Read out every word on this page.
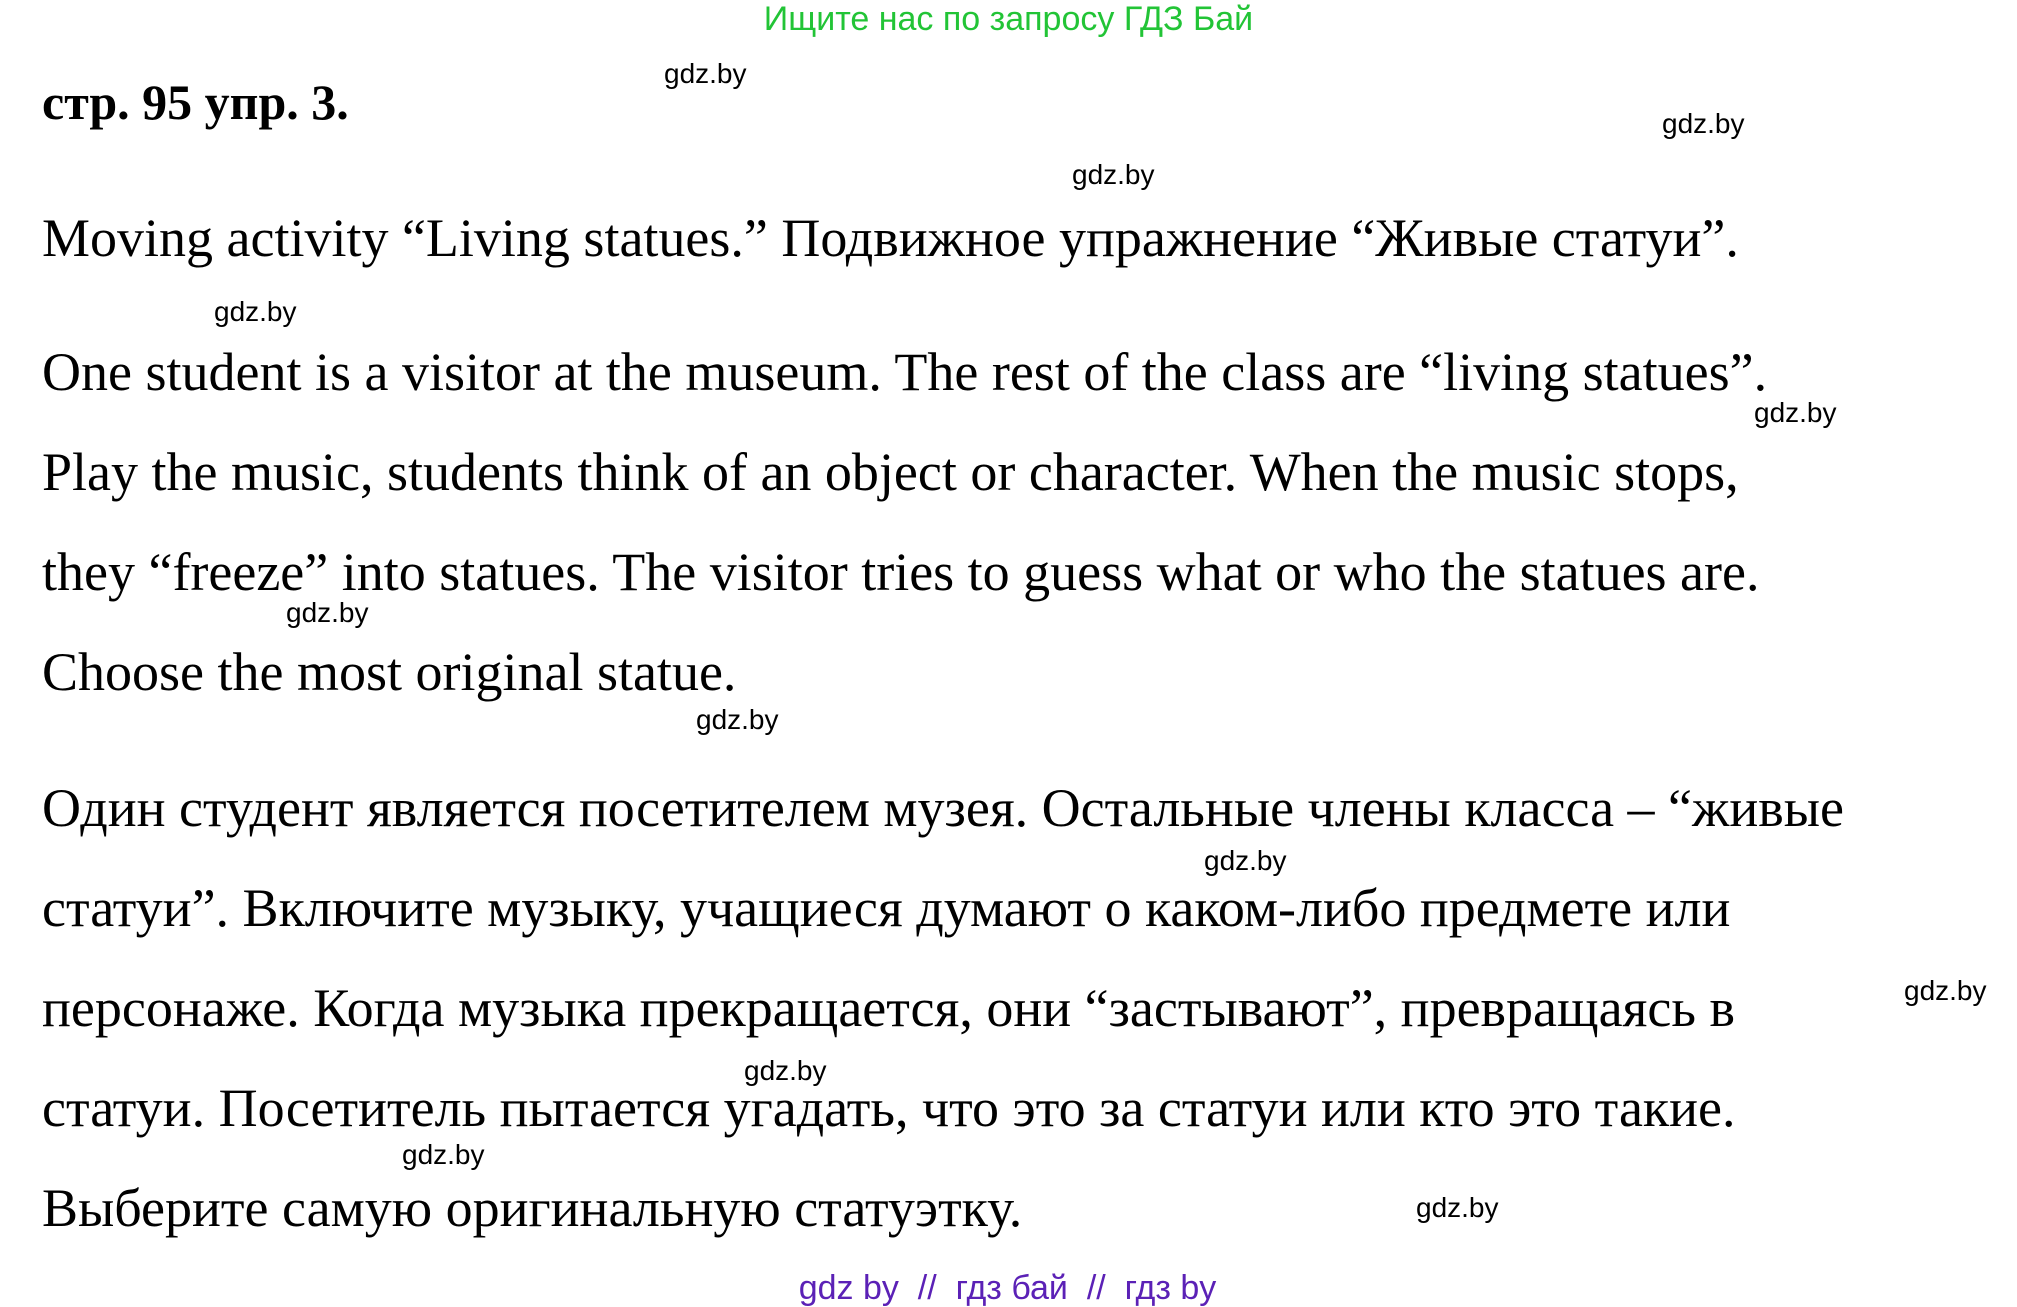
Ищите нас по запросу ГДЗ Бай
стр. 95 упр. 3.
Moving activity “Living statues.” Подвижное упражнение “Живые статуи”.
One student is a visitor at the museum. The rest of the class are “living statues”.
Play the music, students think of an object or character. When the music stops,
they “freeze” into statues. The visitor tries to guess what or who the statues are.
Choose the most original statue.
Один студент является посетителем музея. Остальные члены класса – “живые
статуи”. Включите музыку, учащиеся думают о каком-либо предмете или
персонаже. Когда музыка прекращается, они “застывают”, превращаясь в
статуи. Посетитель пытается угадать, что это за статуи или кто это такие.
Выберите самую оригинальную статуэтку.
gdz.by
gdz.by
gdz.by
gdz.by
gdz.by
gdz.by
gdz.by
gdz.by
gdz.by
gdz.by
gdz.by
gdz.by
gdz by  //  гдз бай  //  гдз by
